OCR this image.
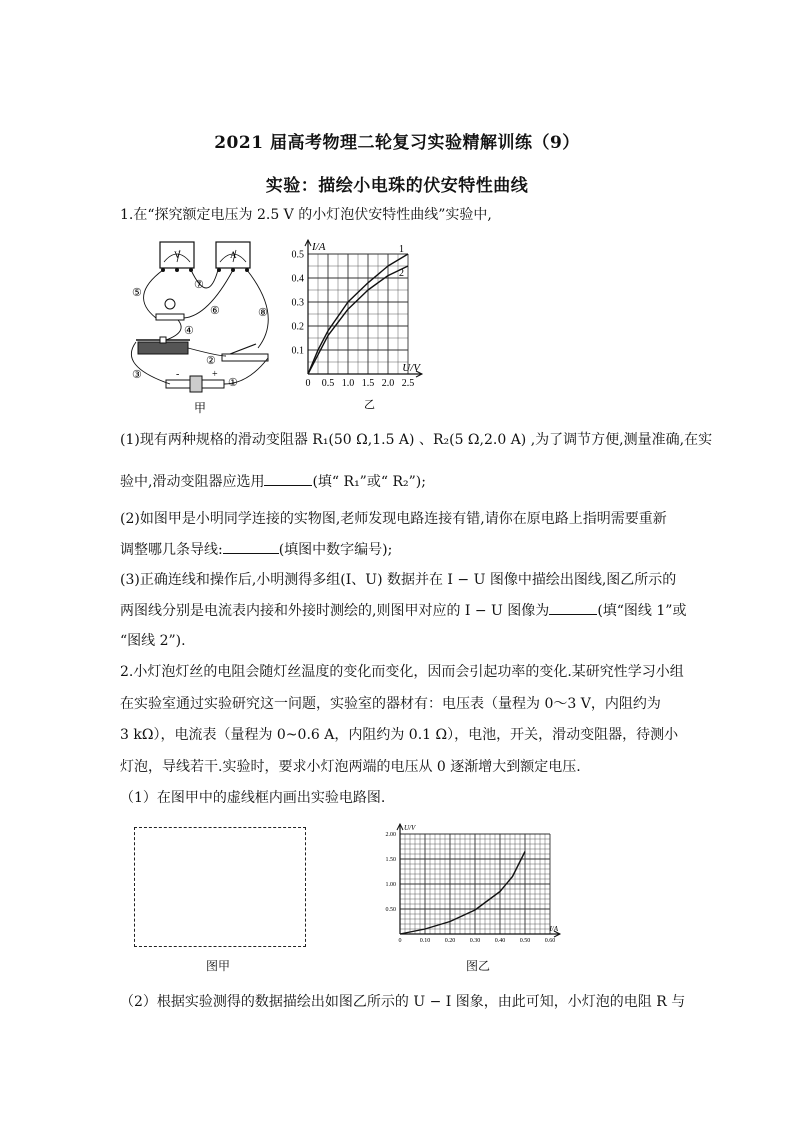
2021 届高考物理二轮复习实验精解训练（9）
实验：描绘小电珠的伏安特性曲线
1.在“探究额定电压为 2.5 V 的小灯泡伏安特性曲线”实验中,
V	A
-	+
⑤
⑦
⑥	⑧
④
③
②
①
甲
0 0.5 1.0 1.5 2.0 2.5
0.1
0.2
0.3
0.4
0.5
I/A
U/V
1
2
乙
(1)现有两种规格的滑动变阻器 R₁(50 Ω,1.5 A) 、R₂(5 Ω,2.0 A) ,为了调节方便,测量准确,在实
验中,滑动变阻器应选用	(填“ R₁”或“ R₂”);
(2)如图甲是小明同学连接的实物图,老师发现电路连接有错,请你在原电路上指明需要重新
调整哪几条导线:	(填图中数字编号);
(3)正确连线和操作后,小明测得多组(I、U) 数据并在 I − U 图像中描绘出图线,图乙所示的
两图线分别是电流表内接和外接时测绘的,则图甲对应的 I − U 图像为	(填“图线 1”或
“图线 2”).
2.小灯泡灯丝的电阻会随灯丝温度的变化而变化，因而会引起功率的变化.某研究性学习小组
在实验室通过实验研究这一问题，实验室的器材有：电压表（量程为 0～3 V，内阻约为
3 kΩ），电流表（量程为 0~0.6 A，内阻约为 0.1 Ω），电池，开关，滑动变阻器，待测小
灯泡，导线若干.实验时，要求小灯泡两端的电压从 0 逐渐增大到额定电压.
（1）在图甲中的虚线框内画出实验电路图.
图甲
0	0.10 0.20 0.30 0.40 0.50 0.60
0.50
1.00
1.50
2.00
U/V
I/A
图乙
（2）根据实验测得的数据描绘出如图乙所示的 U − I 图象，由此可知，小灯泡的电阻 R 与
